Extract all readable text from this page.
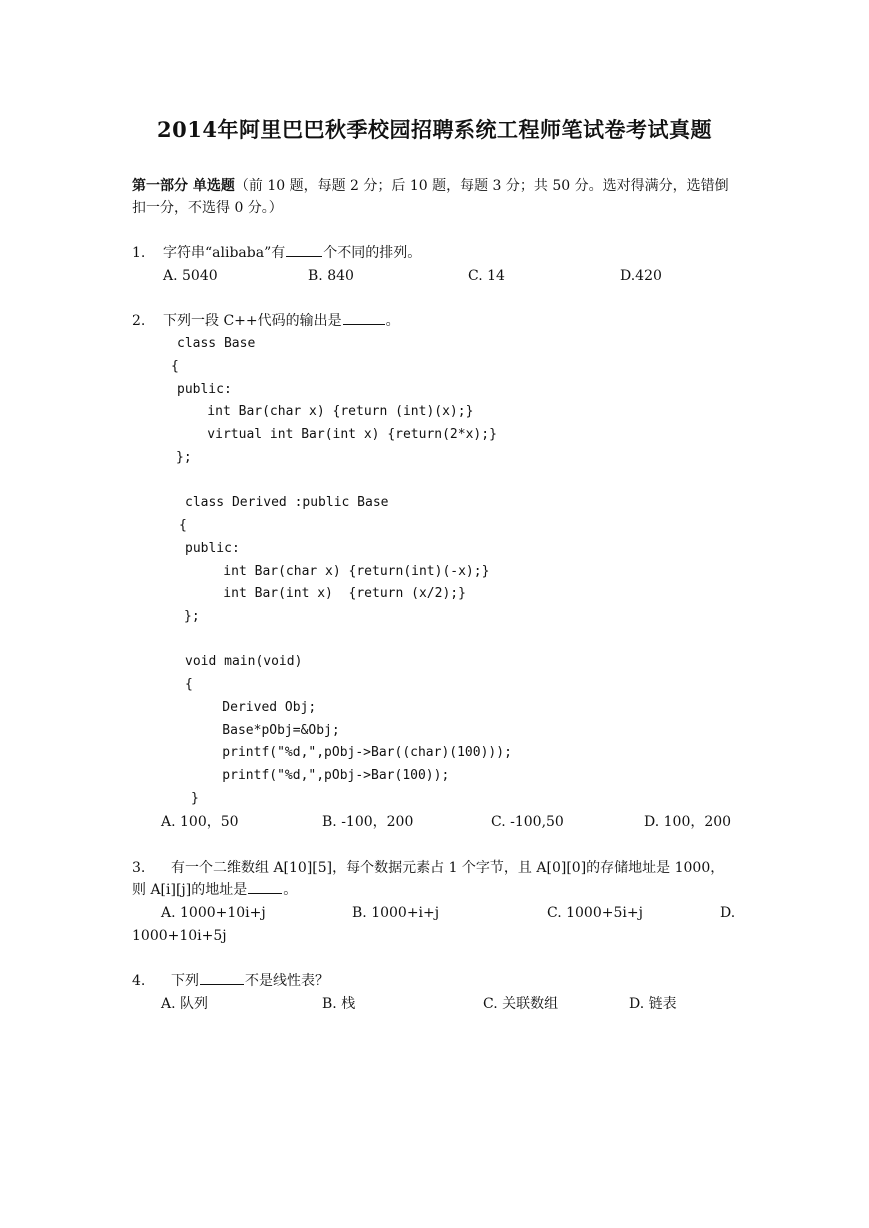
2014年阿里巴巴秋季校园招聘系统工程师笔试卷考试真题
第一部分 单选题（前 10 题，每题 2 分；后 10 题，每题 3 分；共 50 分。选对得满分，选错倒扣一分，不选得 0 分。）
1. 字符串“alibaba”有	个不同的排列。
A. 5040	B. 840	C. 14	D.420
2. 下列一段 C++代码的输出是	。
class Base
{
public:
int Bar(char x) {return (int)(x);}
virtual int Bar(int x) {return(2*x);}
};
class Derived :public Base
{
public:
int Bar(char x) {return(int)(-x);}
int Bar(int x)  {return (x/2);}
};
void main(void)
{
Derived Obj;
Base*pObj=&Obj;
printf("%d,",pObj->Bar((char)(100)));
printf("%d,",pObj->Bar(100));
}
A. 100，50	B. -100，200	C. -100,50	D. 100，200
3. 有一个二维数组 A[10][5]，每个数据元素占 1 个字节，且 A[0][0]的存储地址是 1000，
则 A[i][j]的地址是	。
A. 1000+10i+j	B. 1000+i+j	C. 1000+5i+j	D.
1000+10i+5j
4. 下列	不是线性表？
A. 队列	B. 栈	C. 关联数组	D. 链表
